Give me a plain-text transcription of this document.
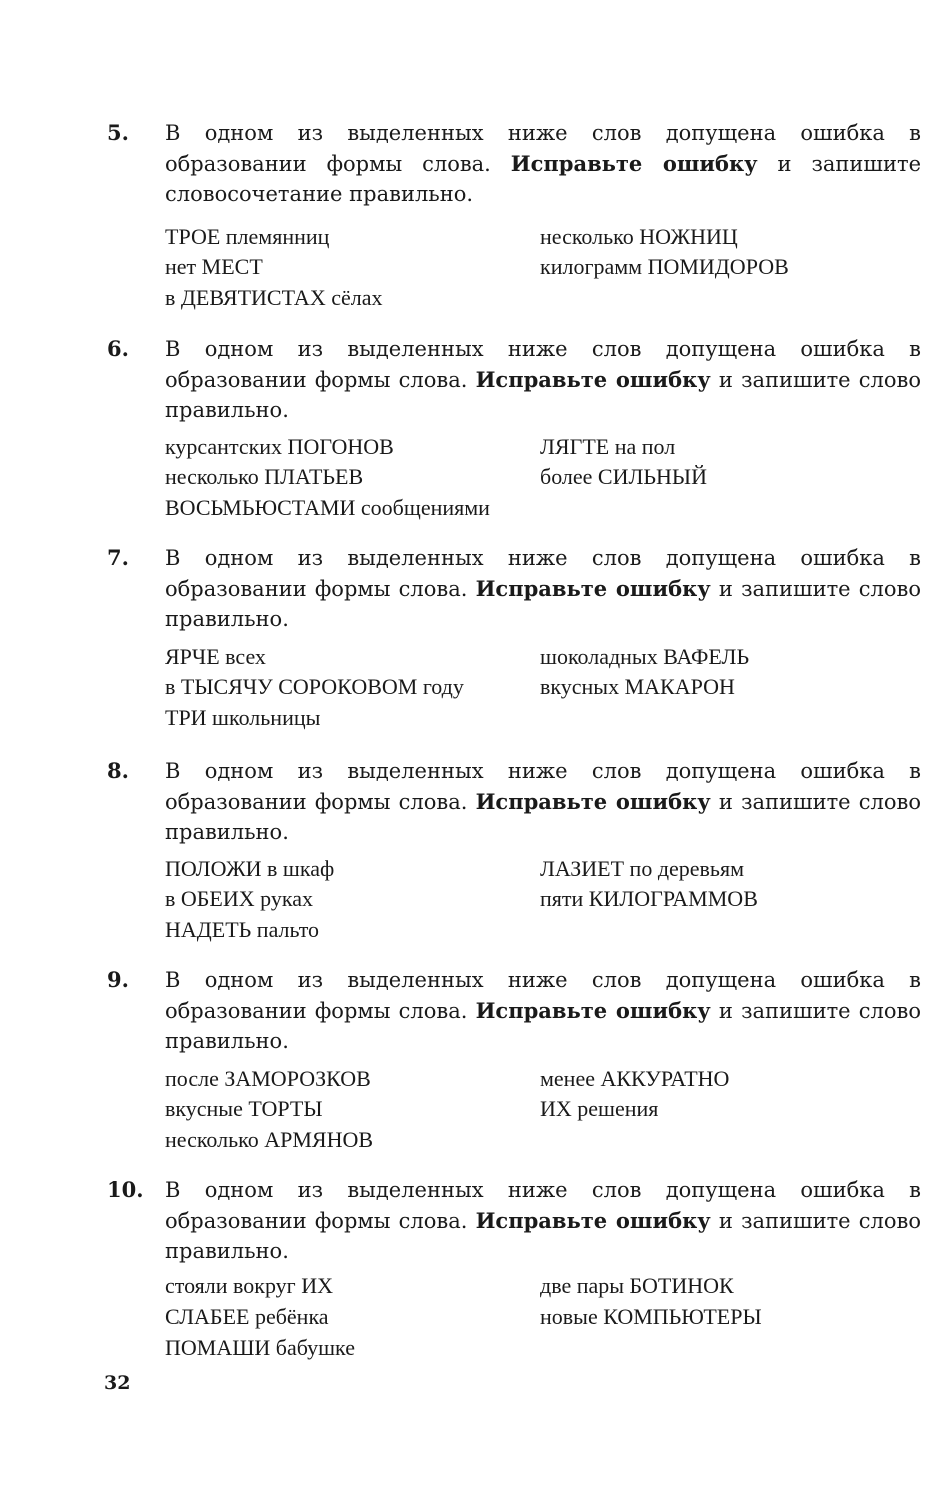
5. В одном из выделенных ниже слов допущена ошибка в образовании формы слова. Исправьте ошибку и запишите словосочетание правильно.
ТРОЕ племянниц
нет МЕСТ
в ДЕВЯТИСТАХ сёлах
несколько НОЖНИЦ
килограмм ПОМИДОРОВ
6. В одном из выделенных ниже слов допущена ошибка в образовании формы слова. Исправьте ошибку и запишите слово правильно.
курсантских ПОГОНОВ
несколько ПЛАТЬЕВ
ВОСЬМЬЮСТАМИ сообщениями
ЛЯГТЕ на пол
более СИЛЬНЫЙ
7. В одном из выделенных ниже слов допущена ошибка в образовании формы слова. Исправьте ошибку и запишите слово правильно.
ЯРЧЕ всех
в ТЫСЯЧУ СОРОКОВОМ году
ТРИ школьницы
шоколадных ВАФЕЛЬ
вкусных МАКАРОН
8. В одном из выделенных ниже слов допущена ошибка в образовании формы слова. Исправьте ошибку и запишите слово правильно.
ПОЛОЖИ в шкаф
в ОБЕИХ руках
НАДЕТЬ пальто
ЛАЗИЕТ по деревьям
пяти КИЛОГРАММОВ
9. В одном из выделенных ниже слов допущена ошибка в образовании формы слова. Исправьте ошибку и запишите слово правильно.
после ЗАМОРОЗКОВ
вкусные ТОРТЫ
несколько АРМЯНОВ
менее АККУРАТНО
ИХ решения
10. В одном из выделенных ниже слов допущена ошибка в образовании формы слова. Исправьте ошибку и запишите слово правильно.
стояли вокруг ИХ
СЛАБЕЕ ребёнка
ПОМАШИ бабушке
две пары БОТИНОК
новые КОМПЬЮТЕРЫ
32
